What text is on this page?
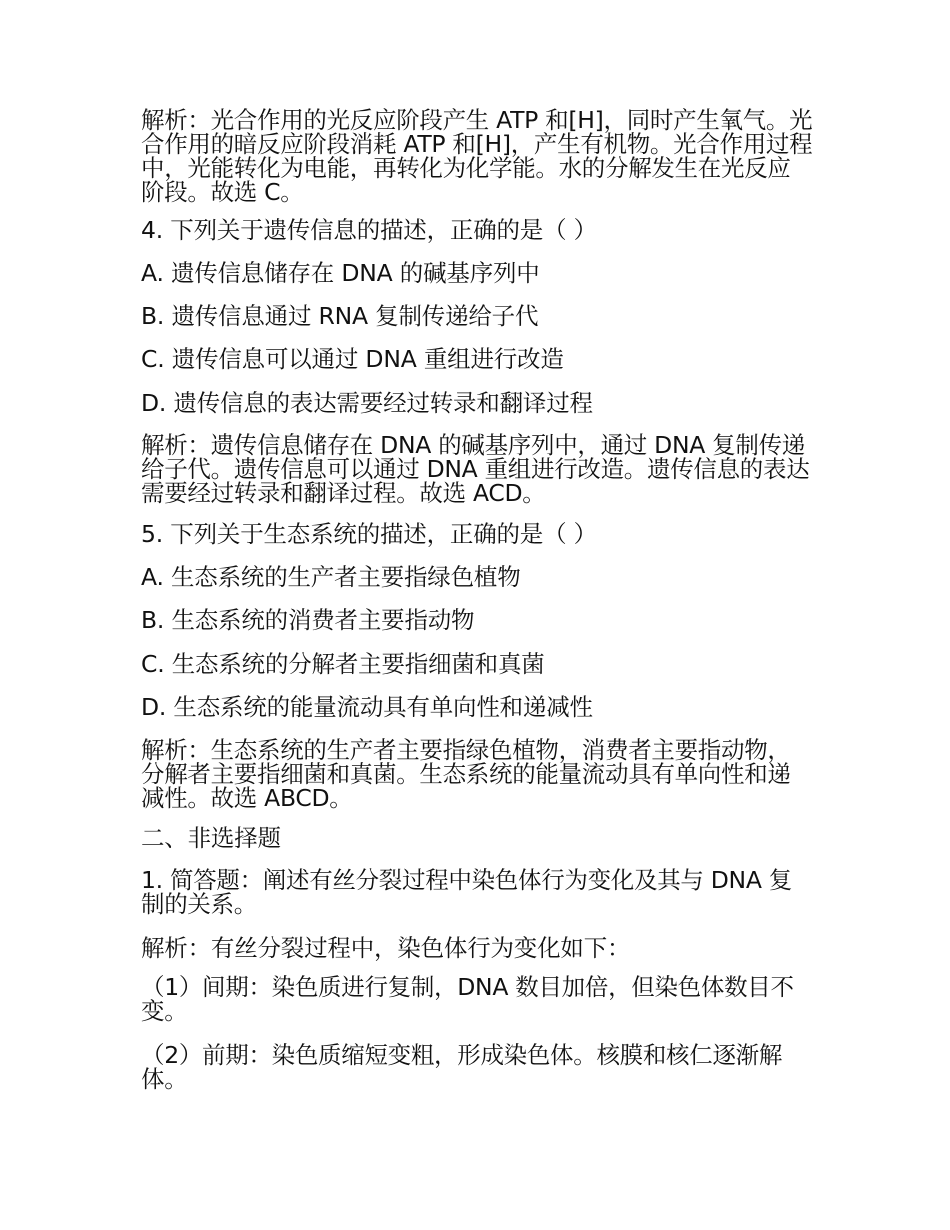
解析：光合作用的光反应阶段产生 ATP 和[H]，同时产生氧气。光合作用的暗反应阶段消耗 ATP 和[H]，产生有机物。光合作用过程中，光能转化为电能，再转化为化学能。水的分解发生在光反应阶段。故选 C。

4. 下列关于遗传信息的描述，正确的是（ ）

A. 遗传信息储存在 DNA 的碱基序列中

B. 遗传信息通过 RNA 复制传递给子代

C. 遗传信息可以通过 DNA 重组进行改造

D. 遗传信息的表达需要经过转录和翻译过程

解析：遗传信息储存在 DNA 的碱基序列中，通过 DNA 复制传递给子代。遗传信息可以通过 DNA 重组进行改造。遗传信息的表达需要经过转录和翻译过程。故选 ACD。

5. 下列关于生态系统的描述，正确的是（ ）

A. 生态系统的生产者主要指绿色植物

B. 生态系统的消费者主要指动物

C. 生态系统的分解者主要指细菌和真菌

D. 生态系统的能量流动具有单向性和递减性

解析：生态系统的生产者主要指绿色植物，消费者主要指动物，分解者主要指细菌和真菌。生态系统的能量流动具有单向性和递减性。故选 ABCD。

二、非选择题

1. 简答题：阐述有丝分裂过程中染色体行为变化及其与 DNA 复制的关系。

解析：有丝分裂过程中，染色体行为变化如下：

（1）间期：染色质进行复制，DNA 数目加倍，但染色体数目不变。

（2）前期：染色质缩短变粗，形成染色体。核膜和核仁逐渐解体。
